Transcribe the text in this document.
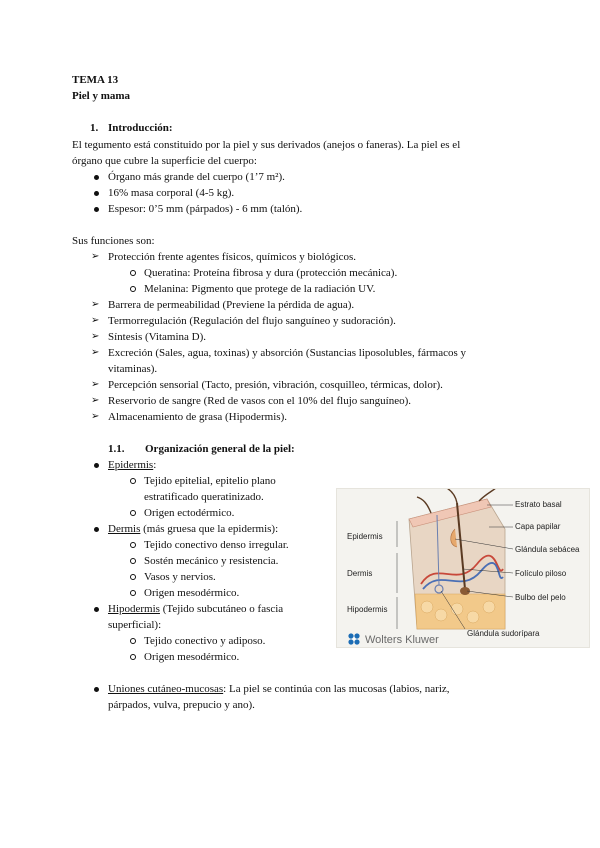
TEMA 13
Piel y mama
1. Introducción:
El tegumento está constituido por la piel y sus derivados (anejos o faneras). La piel es el
órgano que cubre la superficie del cuerpo:
Órgano más grande del cuerpo (1’7 m²).
16% masa corporal (4-5 kg).
Espesor: 0’5 mm (párpados) - 6 mm (talón).
Sus funciones son:
➢ Protección frente agentes físicos, químicos y biológicos.
Queratina: Proteína fibrosa y dura (protección mecánica).
Melanina: Pigmento que protege de la radiación UV.
➢ Barrera de permeabilidad (Previene la pérdida de agua).
➢ Termorregulación (Regulación del flujo sanguíneo y sudoración).
➢ Síntesis (Vitamina D).
➢ Excreción (Sales, agua, toxinas) y absorción (Sustancias liposolubles, fármacos y
vitaminas).
➢ Percepción sensorial (Tacto, presión, vibración, cosquilleo, térmicas, dolor).
➢ Reservorio de sangre (Red de vasos con el 10% del flujo sanguíneo).
➢ Almacenamiento de grasa (Hipodermis).
1.1. Organización general de la piel:
Epidermis:
Tejido epitelial, epitelio plano
estratificado queratinizado.
Origen ectodérmico.
Dermis (más gruesa que la epidermis):
Tejido conectivo denso irregular.
Sostén mecánico y resistencia.
Vasos y nervios.
Origen mesodérmico.
Hipodermis (Tejido subcutáneo o fascia
superficial):
Tejido conectivo y adiposo.
Origen mesodérmico.
Uniones cutáneo-mucosas: La piel se continúa con las mucosas (labios, nariz,
párpados, vulva, prepucio y ano).
Epidermis
Dermis
Hipodermis
Estrato basal
Capa papilar
Glándula sebácea
Folículo piloso
Bulbo del pelo
Glándula sudorípara
Wolters Kluwer
